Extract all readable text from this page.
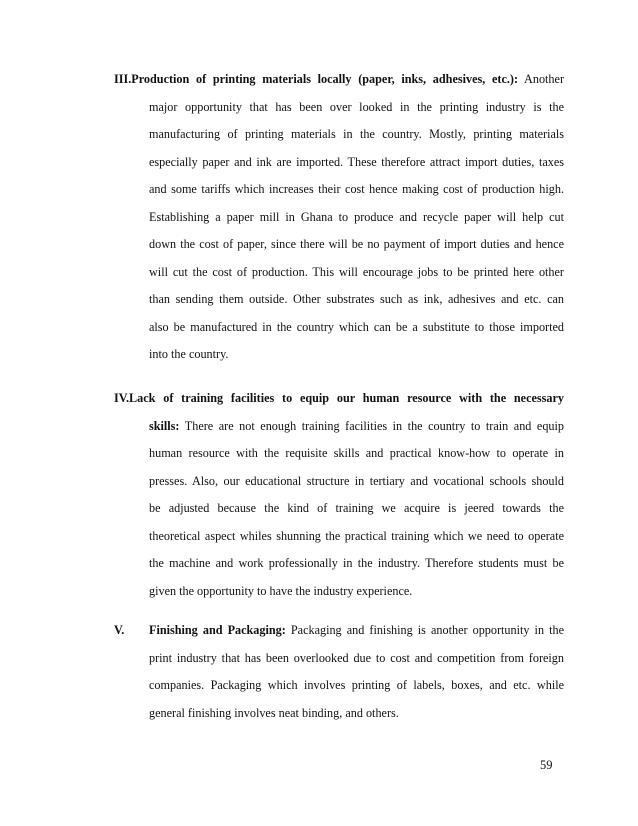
III.Production of printing materials locally (paper, inks, adhesives, etc.): Another
major opportunity that has been over looked in the printing industry is the
manufacturing of printing materials in the country. Mostly, printing materials
especially paper and ink are imported. These therefore attract import duties, taxes
and some tariffs which increases their cost hence making cost of production high.
Establishing a paper mill in Ghana to produce and recycle paper will help cut
down the cost of paper, since there will be no payment of import duties and hence
will cut the cost of production. This will encourage jobs to be printed here other
than sending them outside. Other substrates such as ink, adhesives and etc. can
also be manufactured in the country which can be a substitute to those imported
into the country.
IV.Lack of training facilities to equip our human resource with the necessary
skills: There are not enough training facilities in the country to train and equip
human resource with the requisite skills and practical know-how to operate in
presses. Also, our educational structure in tertiary and vocational schools should
be adjusted because the kind of training we acquire is jeered towards the
theoretical aspect whiles shunning the practical training which we need to operate
the machine and work professionally in the industry. Therefore students must be
given the opportunity to have the industry experience.
V. Finishing and Packaging: Packaging and finishing is another opportunity in the
print industry that has been overlooked due to cost and competition from foreign
companies. Packaging which involves printing of labels, boxes, and etc. while
general finishing involves neat binding, and others.
59
